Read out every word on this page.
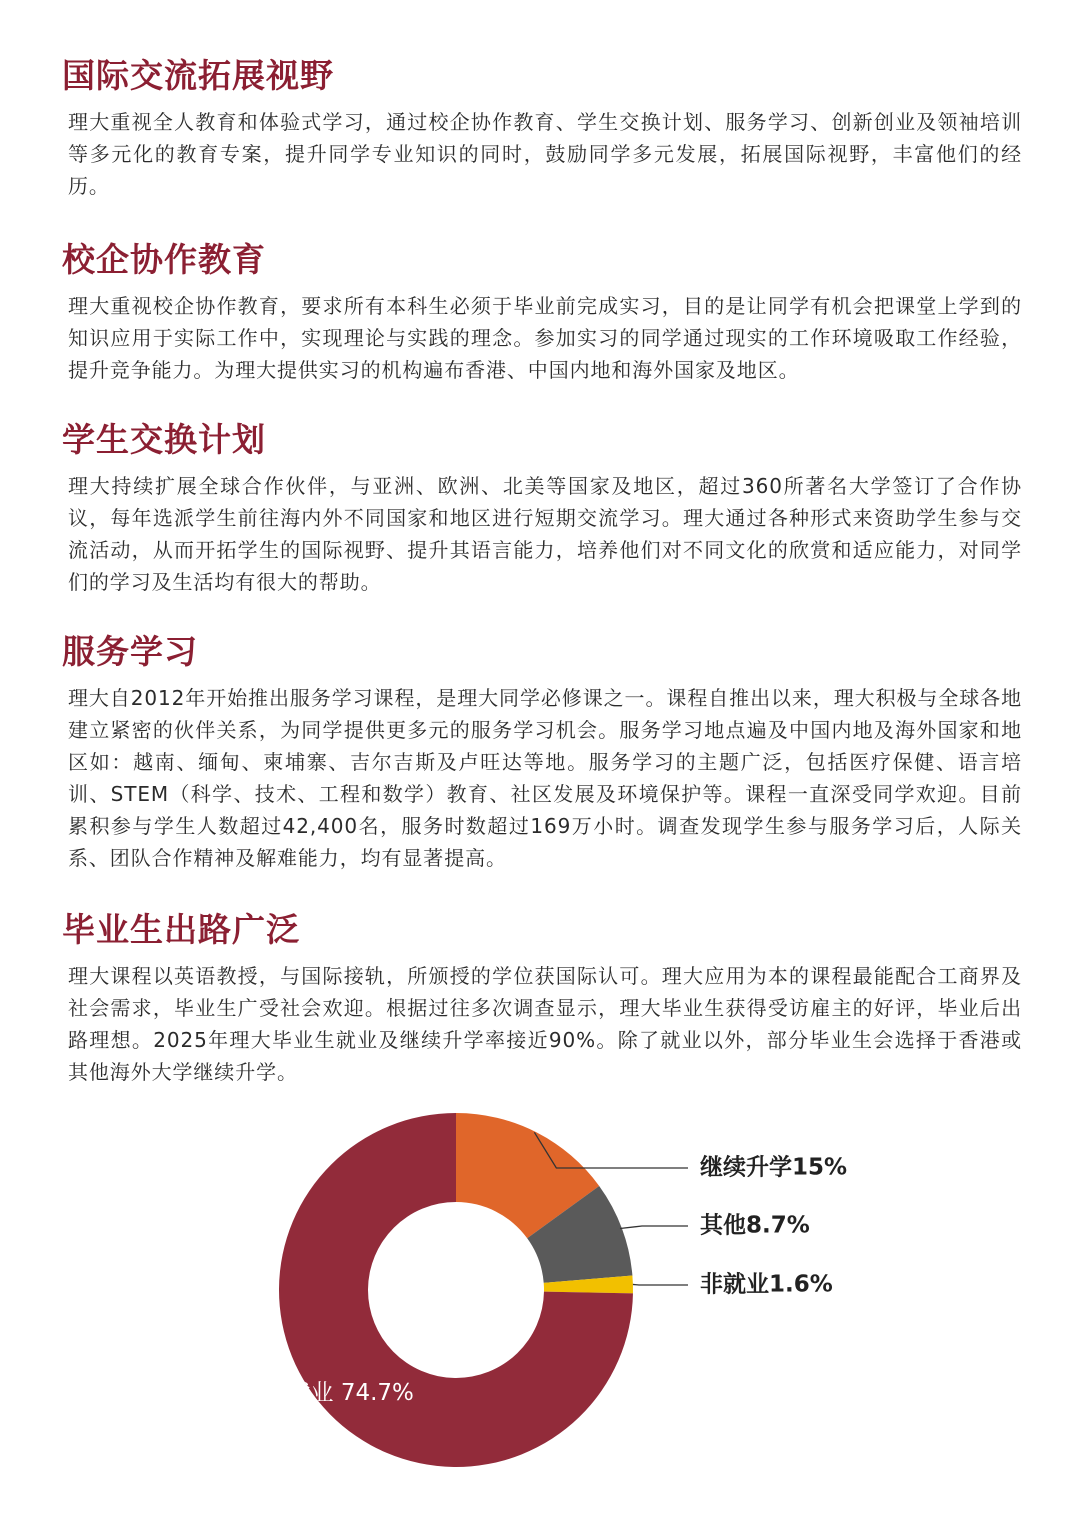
国际交流拓展视野

理大重视全人教育和体验式学习，通过校企协作教育、学生交换计划、服务学习、创新创业及领袖培训等多元化的教育专案，提升同学专业知识的同时，鼓励同学多元发展，拓展国际视野，丰富他们的经历。

校企协作教育

理大重视校企协作教育，要求所有本科生必须于毕业前完成实习，目的是让同学有机会把课堂上学到的知识应用于实际工作中，实现理论与实践的理念。参加实习的同学通过现实的工作环境吸取工作经验，提升竞争能力。为理大提供实习的机构遍布香港、中国内地和海外国家及地区。

学生交换计划

理大持续扩展全球合作伙伴，与亚洲、欧洲、北美等国家及地区，超过360所著名大学签订了合作协议，每年选派学生前往海内外不同国家和地区进行短期交流学习。理大通过各种形式来资助学生参与交流活动，从而开拓学生的国际视野、提升其语言能力，培养他们对不同文化的欣赏和适应能力，对同学们的学习及生活均有很大的帮助。

服务学习

理大自2012年开始推出服务学习课程，是理大同学必修课之一。课程自推出以来，理大积极与全球各地建立紧密的伙伴关系，为同学提供更多元的服务学习机会。服务学习地点遍及中国内地及海外国家和地区如：越南、缅甸、柬埔寨、吉尔吉斯及卢旺达等地。服务学习的主题广泛，包括医疗保健、语言培训、STEM（科学、技术、工程和数学）教育、社区发展及环境保护等。课程一直深受同学欢迎。目前累积参与学生人数超过42,400名，服务时数超过169万小时。调查发现学生参与服务学习后，人际关系、团队合作精神及解难能力，均有显著提高。

毕业生出路广泛

理大课程以英语教授，与国际接轨，所颁授的学位获国际认可。理大应用为本的课程最能配合工商界及社会需求，毕业生广受社会欢迎。根据过往多次调查显示，理大毕业生获得受访雇主的好评，毕业后出路理想。2025年理大毕业生就业及继续升学率接近90%。除了就业以外，部分毕业生会选择于香港或其他海外大学继续升学。

继续升学15%
其他8.7%
非就业1.6%
就业 74.7%
